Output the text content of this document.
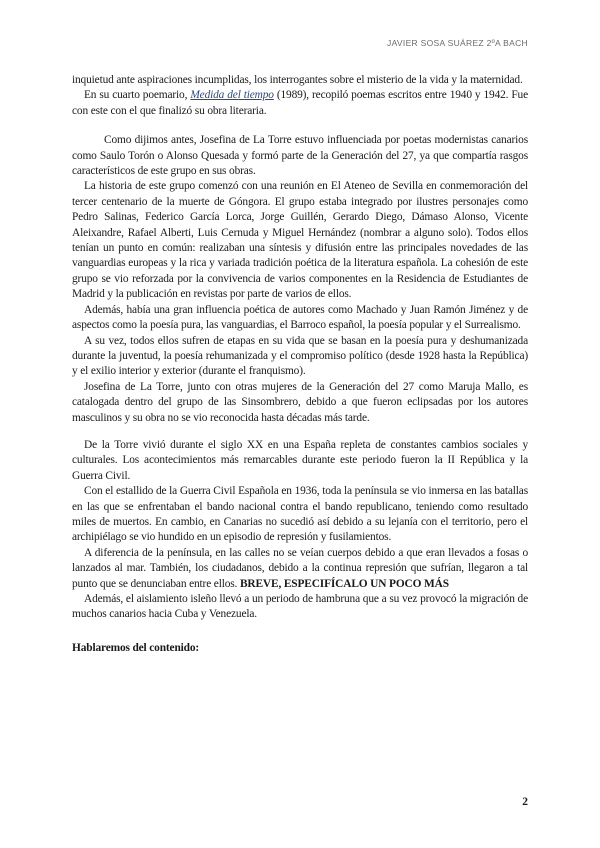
JAVIER SOSA SUÁREZ 2ºA BACH

inquietud ante aspiraciones incumplidas, los interrogantes sobre el misterio de la vida y la maternidad.

En su cuarto poemario, Medida del tiempo (1989), recopiló poemas escritos entre 1940 y 1942. Fue con este con el que finalizó su obra literaria.

Como dijimos antes, Josefina de La Torre estuvo influenciada por poetas modernistas canarios como Saulo Torón o Alonso Quesada y formó parte de la Generación del 27, ya que compartía rasgos característicos de este grupo en sus obras.

La historia de este grupo comenzó con una reunión en El Ateneo de Sevilla en conmemoración del tercer centenario de la muerte de Góngora. El grupo estaba integrado por ilustres personajes como Pedro Salinas, Federico García Lorca, Jorge Guillén, Gerardo Diego, Dámaso Alonso, Vicente Aleixandre, Rafael Alberti, Luis Cernuda y Miguel Hernández (nombrar a alguno solo). Todos ellos tenían un punto en común: realizaban una síntesis y difusión entre las principales novedades de las vanguardias europeas y la rica y variada tradición poética de la literatura española. La cohesión de este grupo se vio reforzada por la convivencia de varios componentes en la Residencia de Estudiantes de Madrid y la publicación en revistas por parte de varios de ellos.

Además, había una gran influencia poética de autores como Machado y Juan Ramón Jiménez y de aspectos como la poesía pura, las vanguardias, el Barroco español, la poesía popular y el Surrealismo.

A su vez, todos ellos sufren de etapas en su vida que se basan en la poesía pura y deshumanizada durante la juventud, la poesía rehumanizada y el compromiso político (desde 1928 hasta la República) y el exilio interior y exterior (durante el franquismo).

Josefina de La Torre, junto con otras mujeres de la Generación del 27 como Maruja Mallo, es catalogada dentro del grupo de las Sinsombrero, debido a que fueron eclipsadas por los autores masculinos y su obra no se vio reconocida hasta décadas más tarde.

De la Torre vivió durante el siglo XX en una España repleta de constantes cambios sociales y culturales. Los acontecimientos más remarcables durante este periodo fueron la II República y la Guerra Civil.

Con el estallido de la Guerra Civil Española en 1936, toda la península se vio inmersa en las batallas en las que se enfrentaban el bando nacional contra el bando republicano, teniendo como resultado miles de muertos. En cambio, en Canarias no sucedió así debido a su lejanía con el territorio, pero el archipiélago se vio hundido en un episodio de represión y fusilamientos.

A diferencia de la península, en las calles no se veían cuerpos debido a que eran llevados a fosas o lanzados al mar. También, los ciudadanos, debido a la continua represión que sufrían, llegaron a tal punto que se denunciaban entre ellos. BREVE, ESPECIFÍCALO UN POCO MÁS

Además, el aislamiento isleño llevó a un periodo de hambruna que a su vez provocó la migración de muchos canarios hacia Cuba y Venezuela.

Hablaremos del contenido:

2
